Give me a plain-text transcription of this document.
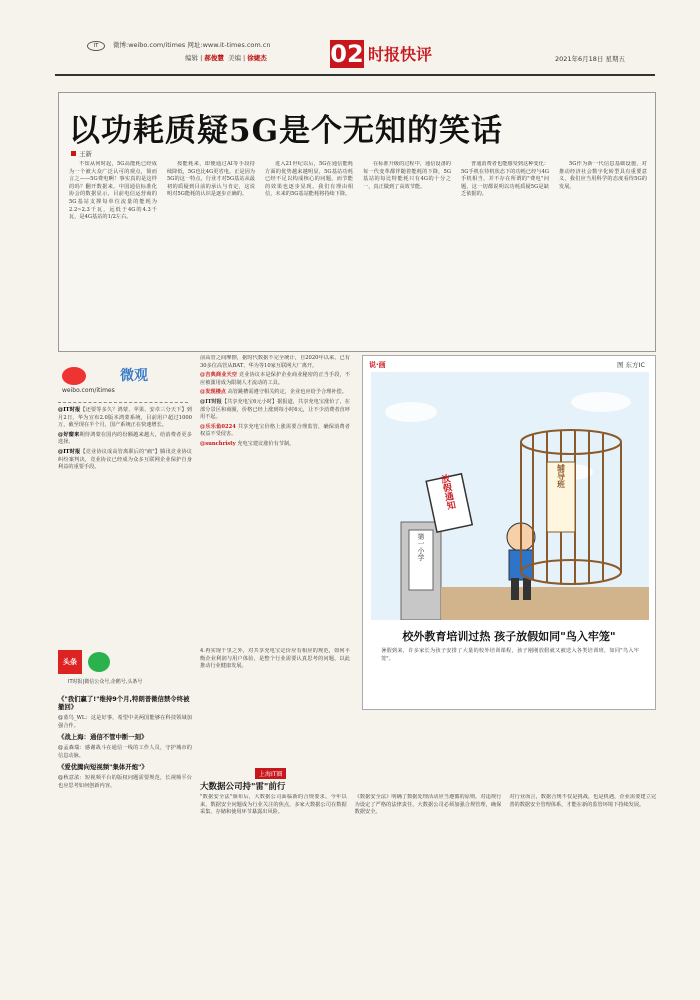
IT	微博:weibo.com/itimes 网址:www.it-times.com.cn
编辑 | 郝俊慧 美编 | 徐婕杰	02 时报快评	2021年6月18日 星期五
以功耗质疑5G是个无知的笑话
王新

不知从何时起，5G高能耗已经成为一个被大众广泛认可的观点，简而言之——5G费电啊！事实真的是这样的吗？翻开数据来，中国通信标准化协会的数据显示，目前电信运营商的5G基站支撑每单位流量的能耗为2.2~2.3千瓦，远低于4G的4.3千瓦，是4G基站的1/2左右。

按能耗来，即便通过AI等手段持续降低，5G也比4G更省电。正是因为5G的这一特点，行业才对5G基站从最初的质疑到目前的承认与肯定，这说明对5G能耗的认识是逐步正确的。

进入21世纪以后，5G在通信能耗方面的优势越来越明显，5G基站功耗已经不足以构成核心的问题，而节能的效果也逐步显现。我们有理由相信，未来的5G基站能耗将持续下降。

在标准升级的过程中，通信设备的每一代变革都伴随着能耗的下降，5G基站的每比特能耗只有4G的十分之一，真正做到了高效节能。

普通消费者也能感受到这种变化：5G手机在待机状态下的功耗已经与4G手机相当，并不存在所谓的"费电"问题，这一切都说明以功耗质疑5G是缺乏依据的。

5G作为新一代信息基础设施，对推动经济社会数字化转型具有重要意义，我们应当用科学的态度看待5G的发展。

weibo.com/itimes
微观

@IT时报【还要等多久？鸿蒙、苹果、安卓三分天下】到月2日，华为宣布2.0版本鸿蒙系统，目前用户超过1000万，截至现在半个月，国产系统正在快速增长。

@好窗来期待鸿蒙在国内的份额越来越大，给消费者更多选择。

@IT时报【竞业协议成高管离职后的"痛"】腾讯竞业协议纠纷案判决，竞业协议已经成为众多互联网企业保护自身利益的重要手段。

头条
IT时报|微信公众号,企鹅号,头条号
《"我们赢了!"维持9个月,特朗普微信禁令终被撤回》
@蓝鸟_WL：这是好事，希望中美两国能够在科技领域加强合作。
《战上海：通信不管中断一刻》
@孟森瑞：感谢战斗在通信一线的工作人员，守护城市的信息动脉。
《爱优腾向短视频"集体开炮"》
@秋意浓：短视频平台的版权问题需要规范，长视频平台也应思考如何创新内容。

前高管之间摩擦，据时代数据不完全统计，自2020年以来，已有30多位高管从BAT、华为等10家互联网大厂离开。

@吉典商业天空 竞业协议本是保护企业商业秘密的正当手段，不应被滥用成为限制人才流动的工具。

@发现楼点 高管跳槽需遵守相关约定，企业也应给予合理补偿。

@IT时报【共享充电宝6元小时】据报道，共享充电宝涨价了，在部分景区和商圈，价格已经上涨到每小时6元，让不少消费者直呼用不起。

@乐乐鱼0224 共享充电宝价格上涨需要合理监管，确保消费者权益不受侵害。

@sunchristy 充电宝建议涨价有节制。

4.再实现千里之外，对共享充电宝定价应有相应的规范，如何平衡企业利润与用户体验，是整个行业需要认真思考的问题，以此推动行业健康发展。

说·画	图 东方IC
第一小学
放假通知	辅导班
校外教育培训过热 孩子放假如同"鸟入牢笼"
暑假到来，许多家长为孩子安排了大量的校外培训课程，孩子刚刚放假就又被送入各类培训班，如同"鸟入牢笼"。
上海IT圈
大数据公司持"雷"前行
"数据安全法"颁布后，大数据公司面临新的合规要求。今年以来，数据安全问题成为行业关注的焦点，多家大数据公司在数据采集、存储和使用环节暴露出风险。
《数据安全法》明确了数据处理活动应当遵循的原则，对违规行为设定了严格的法律责任，大数据公司必须加强合规管理，确保数据安全。
对行业而言，数据合规不仅是挑战，也是机遇，企业需要建立完善的数据安全管理体系，才能在新的监管环境下持续发展。
